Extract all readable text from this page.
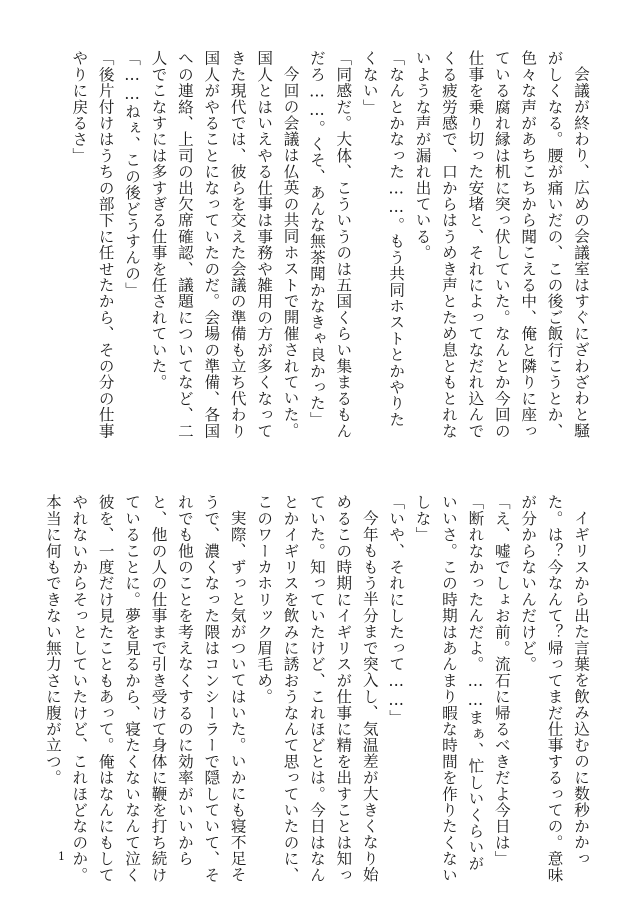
会議が終わり、広めの会議室はすぐにざわざわと騒がしくなる。腰が痛いだの、この後ご飯行こうとか、色々な声があちこちから聞こえる中、俺と隣りに座っている腐れ縁は机に突っ伏していた。なんとか今回の仕事を乗り切った安堵と、それによってなだれ込んでくる疲労感で、口からはうめき声とため息ともとれないような声が漏れ出ている。

「なんとかなった……。もう共同ホストとかやりたくない」

「同感だ。大体、こういうのは五国くらい集まるもんだろ……。くそ、あんな無茶聞かなきゃ良かった」

今回の会議は仏英の共同ホストで開催されていた。国人とはいえやる仕事は事務や雑用の方が多くなってきた現代では、彼らを交えた会議の準備も立ち代わり国人がやることになっていたのだ。会場の準備、各国への連絡、上司の出欠席確認、議題についてなど、二人でこなすには多すぎる仕事を任されていた。

「……ねぇ、この後どうすんの」

「後片付けはうちの部下に任せたから、その分の仕事やりに戻るさ」

イギリスから出た言葉を飲み込むのに数秒かかった。は？今なんて？帰ってまだ仕事するっての。意味が分からないんだけど。

「え、嘘でしょお前。流石に帰るべきだよ今日は」

「断れなかったんだよ。……まぁ、忙しいくらいがいいさ。この時期はあんまり暇な時間を作りたくないしな」

「いや、それにしたって……」

今年ももう半分まで突入し、気温差が大きくなり始めるこの時期にイギリスが仕事に精を出すことは知っていた。知っていたけど、これほどとは。今日はなんとかイギリスを飲みに誘おうなんて思っていたのに、このワーカホリック眉毛め。

実際、ずっと気がついてはいた。いかにも寝不足そうで、濃くなった隈はコンシーラーで隠していて、それでも他のことを考えなくするのに効率がいいからと、他の人の仕事まで引き受けて身体に鞭を打ち続けていることに。夢を見るから、寝たくないなんて泣く彼を、一度だけ見たこともあって。俺はなんにもしてやれないからそっとしていたけど、これほどなのか。本当に何もできない無力さに腹が立つ。

1
